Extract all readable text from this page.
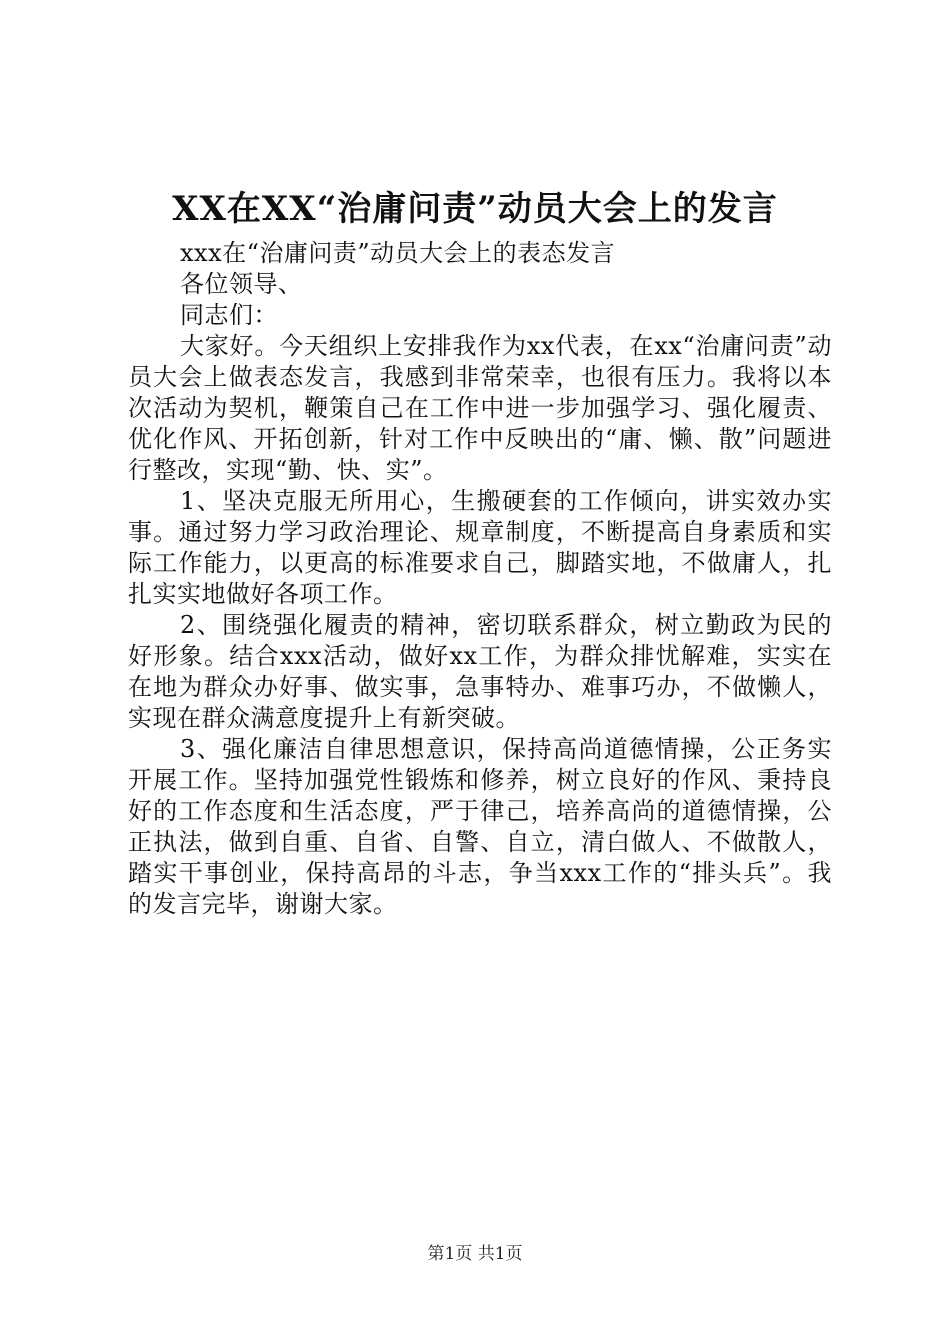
XX在XX“治庸问责”动员大会上的发言

xxx在“治庸问责”动员大会上的表态发言

各位领导、

同志们：

大家好。今天组织上安排我作为xx代表，在xx“治庸问责”动员大会上做表态发言，我感到非常荣幸，也很有压力。我将以本次活动为契机，鞭策自己在工作中进一步加强学习、强化履责、优化作风、开拓创新，针对工作中反映出的“庸、懒、散”问题进行整改，实现“勤、快、实”。

1、坚决克服无所用心，生搬硬套的工作倾向，讲实效办实事。通过努力学习政治理论、规章制度，不断提高自身素质和实际工作能力，以更高的标准要求自己，脚踏实地，不做庸人，扎扎实实地做好各项工作。

2、围绕强化履责的精神，密切联系群众，树立勤政为民的好形象。结合xxx活动，做好xx工作，为群众排忧解难，实实在在地为群众办好事、做实事，急事特办、难事巧办，不做懒人，实现在群众满意度提升上有新突破。

3、强化廉洁自律思想意识，保持高尚道德情操，公正务实开展工作。坚持加强党性锻炼和修养，树立良好的作风、秉持良好的工作态度和生活态度，严于律己，培养高尚的道德情操，公正执法，做到自重、自省、自警、自立，清白做人、不做散人，踏实干事创业，保持高昂的斗志，争当xxx工作的“排头兵”。我的发言完毕，谢谢大家。

第1页 共1页
